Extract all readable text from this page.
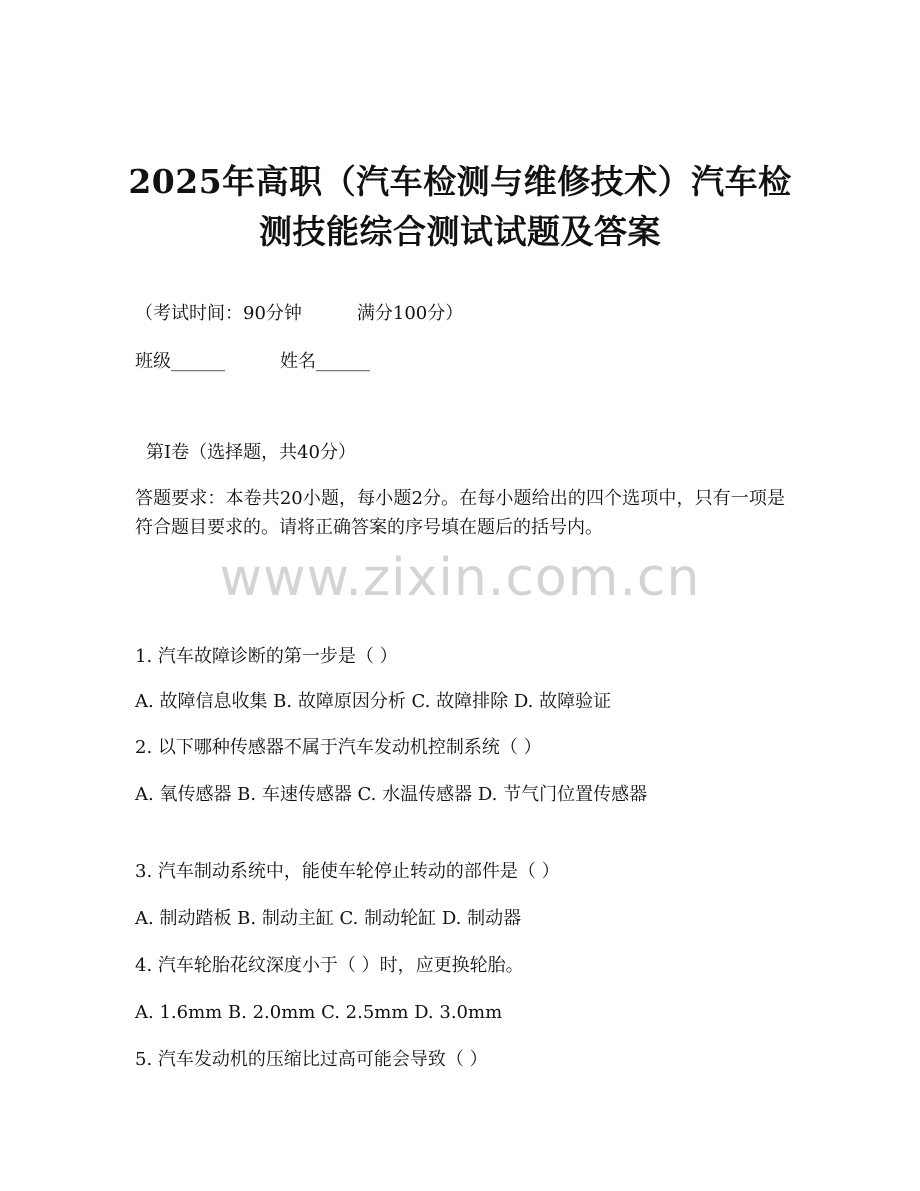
2025年高职（汽车检测与维修技术）汽车检
测技能综合测试试题及答案
（考试时间：90分钟	满分100分）
班级______	姓名______
第Ⅰ卷（选择题，共40分）
答题要求：本卷共20小题，每小题2分。在每小题给出的四个选项中，只有一项是符合题目要求的。请将正确答案的序号填在题后的括号内。
www.zixin.com.cn
1. 汽车故障诊断的第一步是（ ）
A. 故障信息收集 B. 故障原因分析 C. 故障排除 D. 故障验证
2. 以下哪种传感器不属于汽车发动机控制系统（ ）
A. 氧传感器 B. 车速传感器 C. 水温传感器 D. 节气门位置传感器
3. 汽车制动系统中，能使车轮停止转动的部件是（ ）
A. 制动踏板 B. 制动主缸 C. 制动轮缸 D. 制动器
4. 汽车轮胎花纹深度小于（ ）时，应更换轮胎。
A. 1.6mm B. 2.0mm C. 2.5mm D. 3.0mm
5. 汽车发动机的压缩比过高可能会导致（ ）
